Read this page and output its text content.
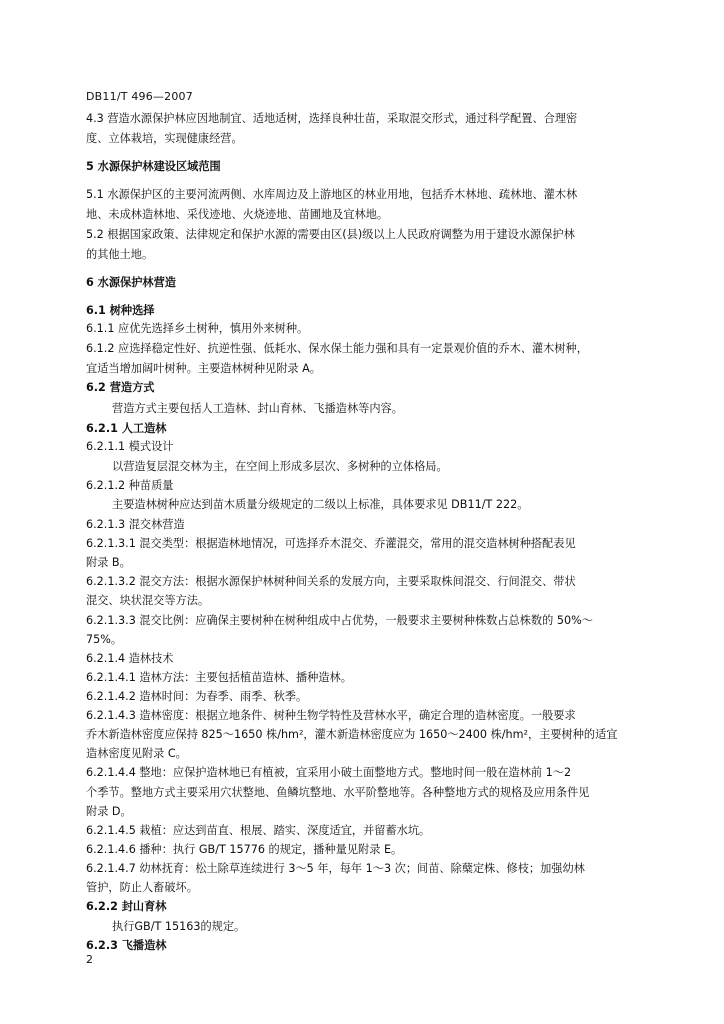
DB11/T 496—2007
4.3 营造水源保护林应因地制宜、适地适树，选择良种壮苗，采取混交形式，通过科学配置、合理密
度、立体栽培，实现健康经营。
5 水源保护林建设区域范围
5.1 水源保护区的主要河流两侧、水库周边及上游地区的林业用地，包括乔木林地、疏林地、灌木林
地、未成林造林地、采伐迹地、火烧迹地、苗圃地及宜林地。
5.2 根据国家政策、法律规定和保护水源的需要由区(县)级以上人民政府调整为用于建设水源保护林
的其他土地。
6 水源保护林营造
6.1 树种选择
6.1.1 应优先选择乡土树种，慎用外来树种。
6.1.2 应选择稳定性好、抗逆性强、低耗水、保水保土能力强和具有一定景观价值的乔木、灌木树种，
宜适当增加阔叶树种。主要造林树种见附录 A。
6.2 营造方式
营造方式主要包括人工造林、封山育林、飞播造林等内容。
6.2.1 人工造林
6.2.1.1 模式设计
以营造复层混交林为主，在空间上形成多层次、多树种的立体格局。
6.2.1.2 种苗质量
主要造林树种应达到苗木质量分级规定的二级以上标准，具体要求见 DB11/T 222。
6.2.1.3 混交林营造
6.2.1.3.1 混交类型：根据造林地情况，可选择乔木混交、乔灌混交，常用的混交造林树种搭配表见
附录 B。
6.2.1.3.2 混交方法：根据水源保护林树种间关系的发展方向，主要采取株间混交、行间混交、带状
混交、块状混交等方法。
6.2.1.3.3 混交比例：应确保主要树种在树种组成中占优势，一般要求主要树种株数占总株数的 50%～
75%。
6.2.1.4 造林技术
6.2.1.4.1 造林方法：主要包括植苗造林、播种造林。
6.2.1.4.2 造林时间：为春季、雨季、秋季。
6.2.1.4.3 造林密度：根据立地条件、树种生物学特性及营林水平，确定合理的造林密度。一般要求
乔木新造林密度应保持 825～1650 株/hm²，灌木新造林密度应为 1650～2400 株/hm²，主要树种的适宜
造林密度见附录 C。
6.2.1.4.4 整地：应保护造林地已有植被，宜采用小破土面整地方式。整地时间一般在造林前 1～2
个季节。整地方式主要采用穴状整地、鱼鳞坑整地、水平阶整地等。各种整地方式的规格及应用条件见
附录 D。
6.2.1.4.5 栽植：应达到苗直、根展、踏实、深度适宜，并留蓄水坑。
6.2.1.4.6 播种：执行 GB/T 15776 的规定，播种量见附录 E。
6.2.1.4.7 幼林抚育：松土除草连续进行 3～5 年，每年 1～3 次；间苗、除蘖定株、修枝；加强幼林
管护，防止人畜破坏。
6.2.2 封山育林
执行GB/T 15163的规定。
6.2.3 飞播造林
2
